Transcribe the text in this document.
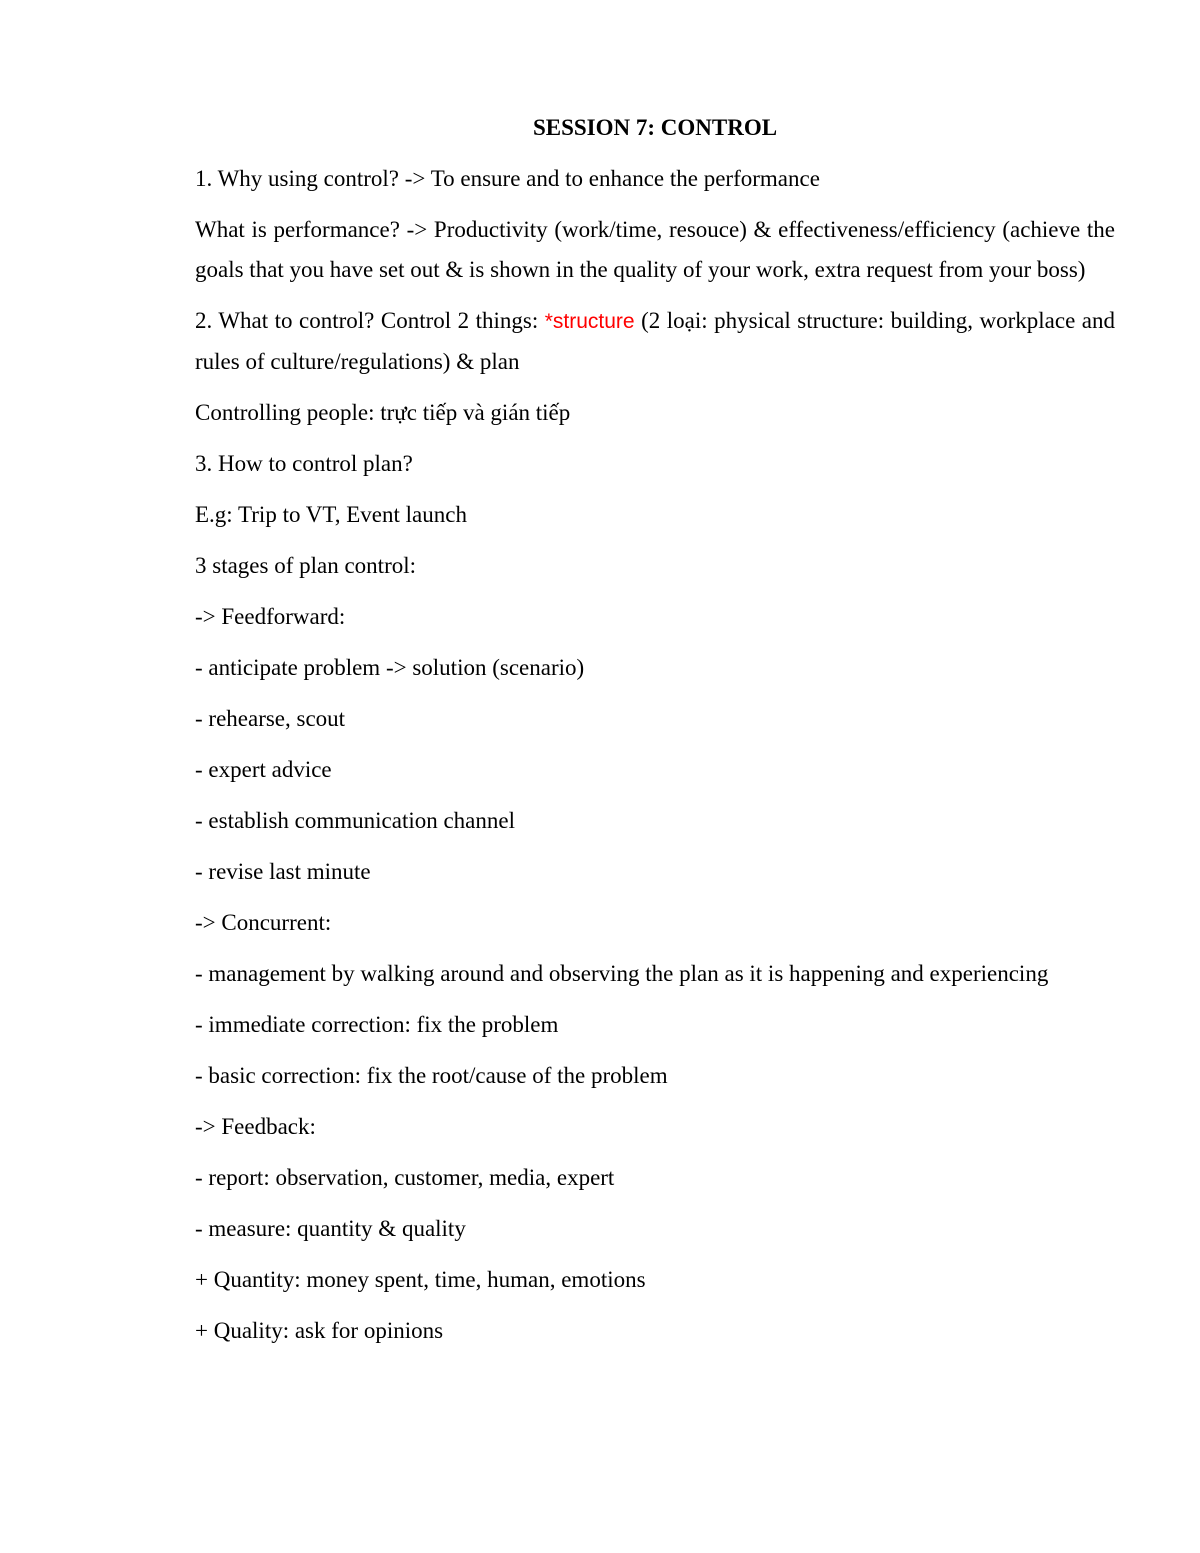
SESSION 7: CONTROL

1. Why using control? -> To ensure and to enhance the performance

What is performance? -> Productivity (work/time, resouce) & effectiveness/efficiency (achieve the goals that you have set out & is shown in the quality of your work, extra request from your boss)

2. What to control? Control 2 things: *structure (2 loại: physical structure: building, workplace and rules of culture/regulations) & plan

Controlling people: trực tiếp và gián tiếp

3. How to control plan?

E.g: Trip to VT, Event launch

3 stages of plan control:

-> Feedforward:

- anticipate problem -> solution (scenario)

- rehearse, scout

- expert advice

- establish communication channel

- revise last minute

-> Concurrent:

- management by walking around and observing the plan as it is happening and experiencing

- immediate correction: fix the problem

- basic correction: fix the root/cause of the problem

-> Feedback:

- report: observation, customer, media, expert

- measure: quantity & quality

+ Quantity: money spent, time, human, emotions

+ Quality: ask for opinions
